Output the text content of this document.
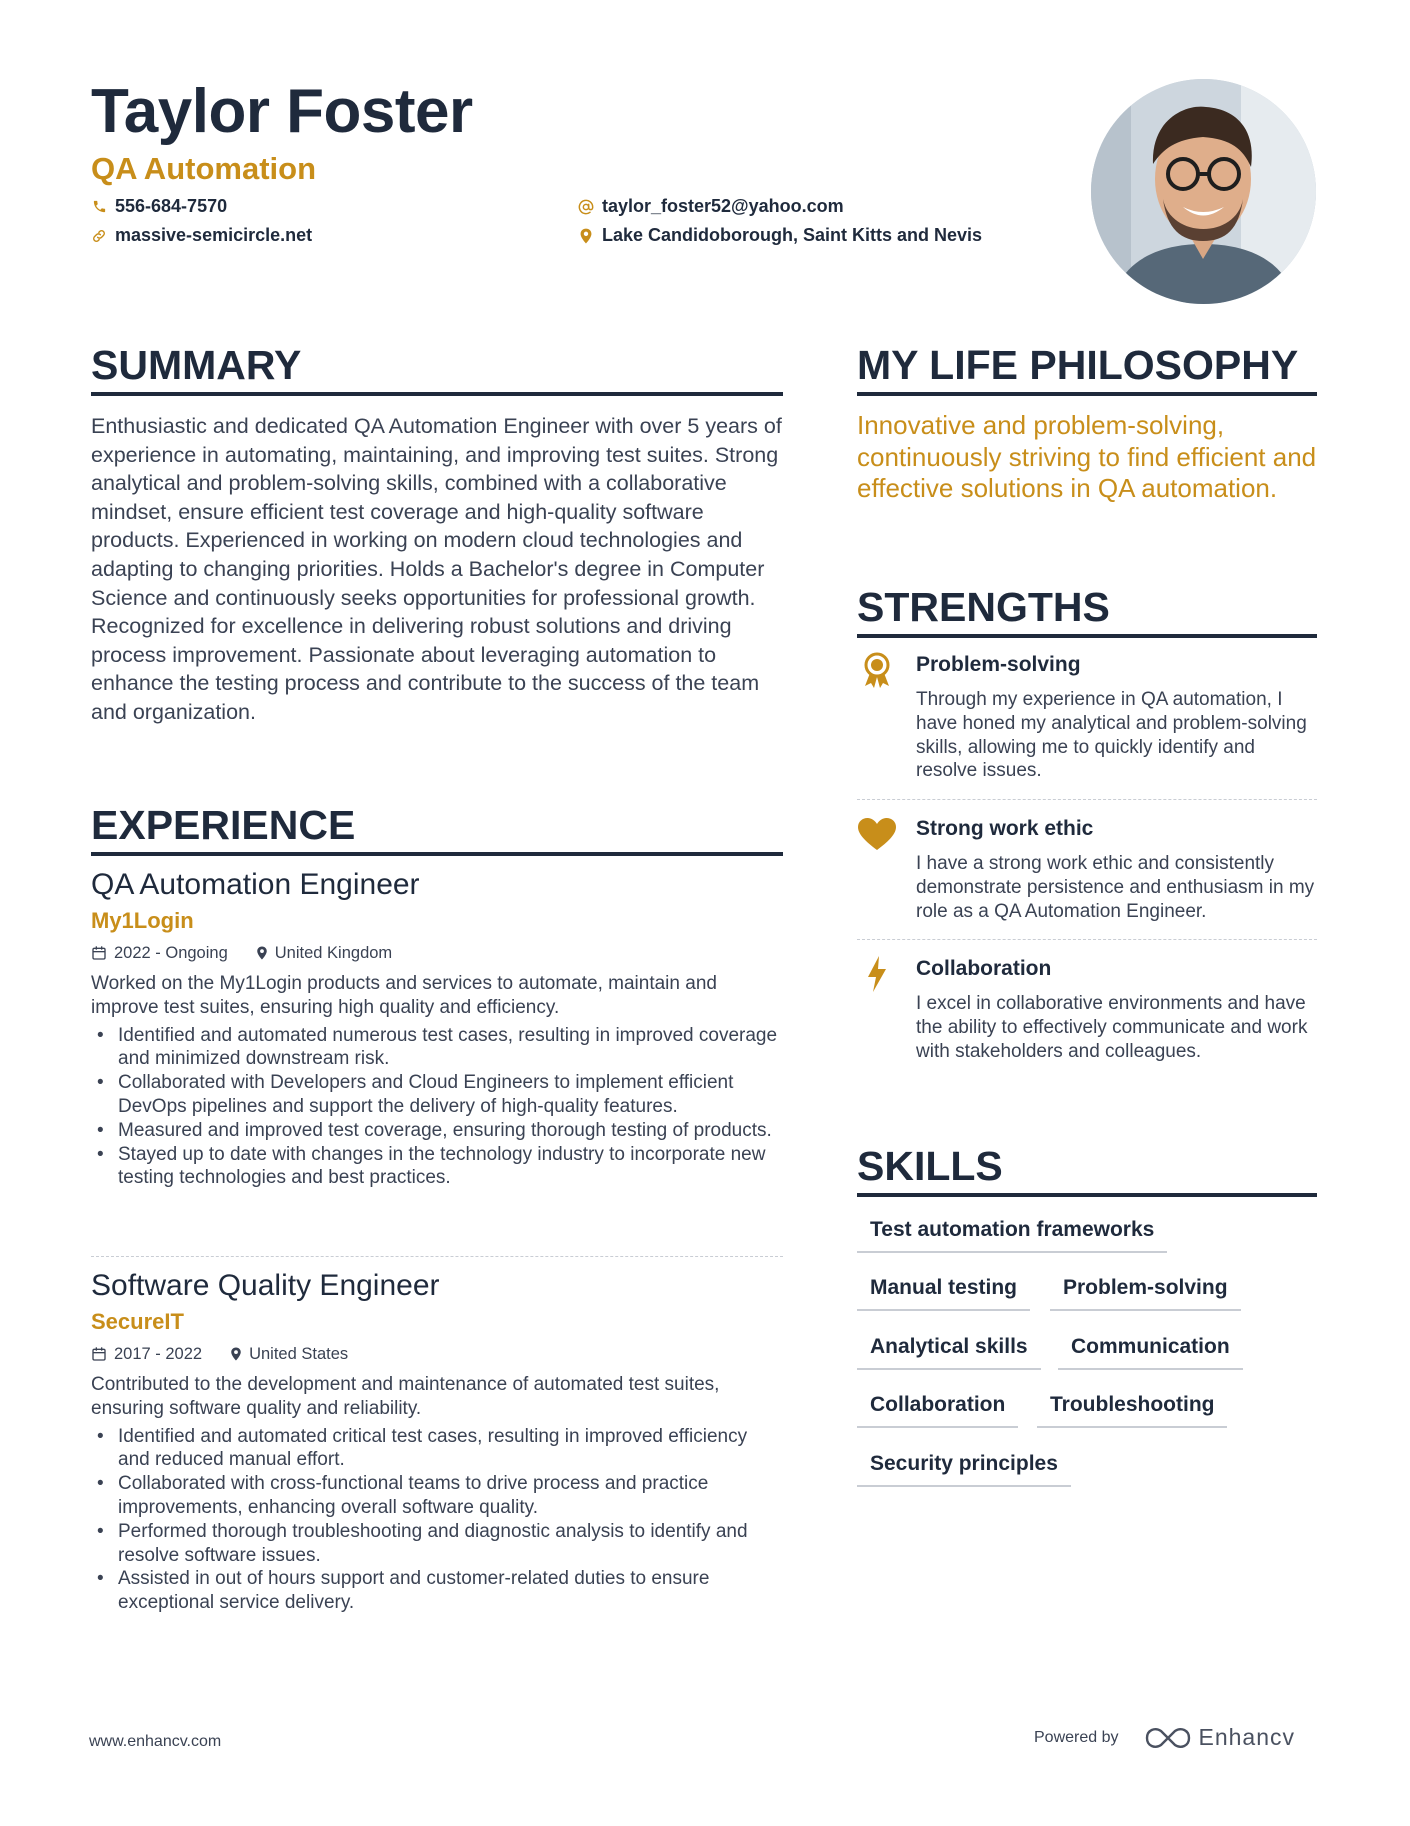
Taylor Foster
QA Automation
556-684-7570
massive-semicircle.net
taylor_foster52@yahoo.com
Lake Candidoborough, Saint Kitts and Nevis
SUMMARY
Enthusiastic and dedicated QA Automation Engineer with over 5 years of experience in automating, maintaining, and improving test suites. Strong analytical and problem-solving skills, combined with a collaborative mindset, ensure efficient test coverage and high-quality software products. Experienced in working on modern cloud technologies and adapting to changing priorities. Holds a Bachelor's degree in Computer Science and continuously seeks opportunities for professional growth. Recognized for excellence in delivering robust solutions and driving process improvement. Passionate about leveraging automation to enhance the testing process and contribute to the success of the team and organization.
MY LIFE PHILOSOPHY
Innovative and problem-solving, continuously striving to find efficient and effective solutions in QA automation.
EXPERIENCE
QA Automation Engineer
My1Login
2022 - Ongoing	United Kingdom
Worked on the My1Login products and services to automate, maintain and improve test suites, ensuring high quality and efficiency.
• Identified and automated numerous test cases, resulting in improved coverage and minimized downstream risk.
• Collaborated with Developers and Cloud Engineers to implement efficient DevOps pipelines and support the delivery of high-quality features.
• Measured and improved test coverage, ensuring thorough testing of products.
• Stayed up to date with changes in the technology industry to incorporate new testing technologies and best practices.
Software Quality Engineer
SecureIT
2017 - 2022	United States
Contributed to the development and maintenance of automated test suites, ensuring software quality and reliability.
• Identified and automated critical test cases, resulting in improved efficiency and reduced manual effort.
• Collaborated with cross-functional teams to drive process and practice improvements, enhancing overall software quality.
• Performed thorough troubleshooting and diagnostic analysis to identify and resolve software issues.
• Assisted in out of hours support and customer-related duties to ensure exceptional service delivery.
STRENGTHS
Problem-solving
Through my experience in QA automation, I have honed my analytical and problem-solving skills, allowing me to quickly identify and resolve issues.
Strong work ethic
I have a strong work ethic and consistently demonstrate persistence and enthusiasm in my role as a QA Automation Engineer.
Collaboration
I excel in collaborative environments and have the ability to effectively communicate and work with stakeholders and colleagues.
SKILLS
Test automation frameworks
Manual testing	Problem-solving
Analytical skills	Communication
Collaboration	Troubleshooting
Security principles
www.enhancv.com	Powered by	Enhancv
